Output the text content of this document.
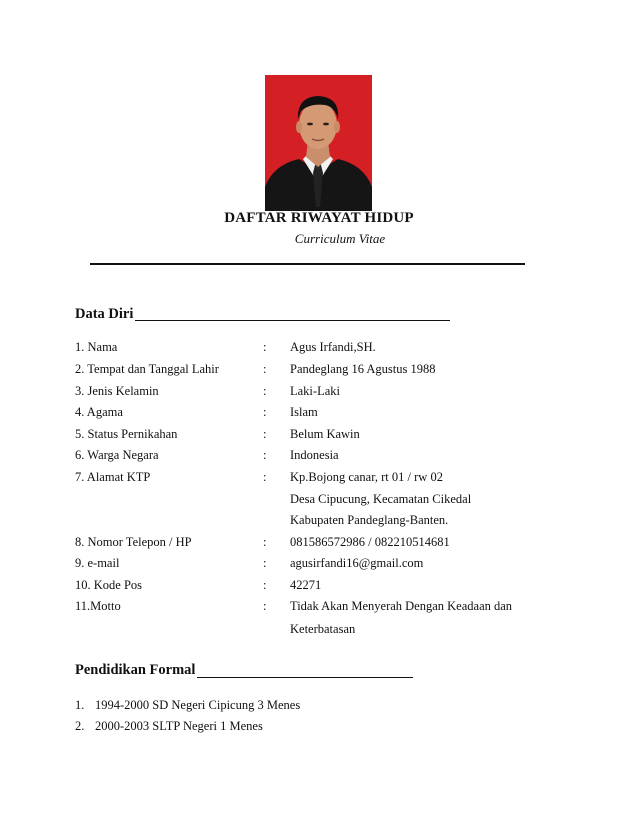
DAFTAR RIWAYAT HIDUP
Curriculum Vitae
Data Diri
1. Nama	: Agus Irfandi,SH.
2. Tempat dan Tanggal Lahir	: Pandeglang 16 Agustus 1988
3. Jenis Kelamin	: Laki-Laki
4. Agama	: Islam
5. Status Pernikahan	: Belum Kawin
6. Warga Negara	: Indonesia
7. Alamat KTP	: Kp.Bojong canar, rt 01 / rw 02
Desa Cipucung, Kecamatan Cikedal
Kabupaten Pandeglang-Banten.
8. Nomor Telepon / HP	: 081586572986 / 082210514681
9. e-mail	: agusirfandi16@gmail.com
10. Kode Pos	: 42271
11.Motto	: Tidak Akan Menyerah Dengan Keadaan dan
Keterbatasan
Pendidikan Formal
1. 1994-2000 SD Negeri Cipicung 3 Menes
2. 2000-2003 SLTP Negeri 1 Menes
